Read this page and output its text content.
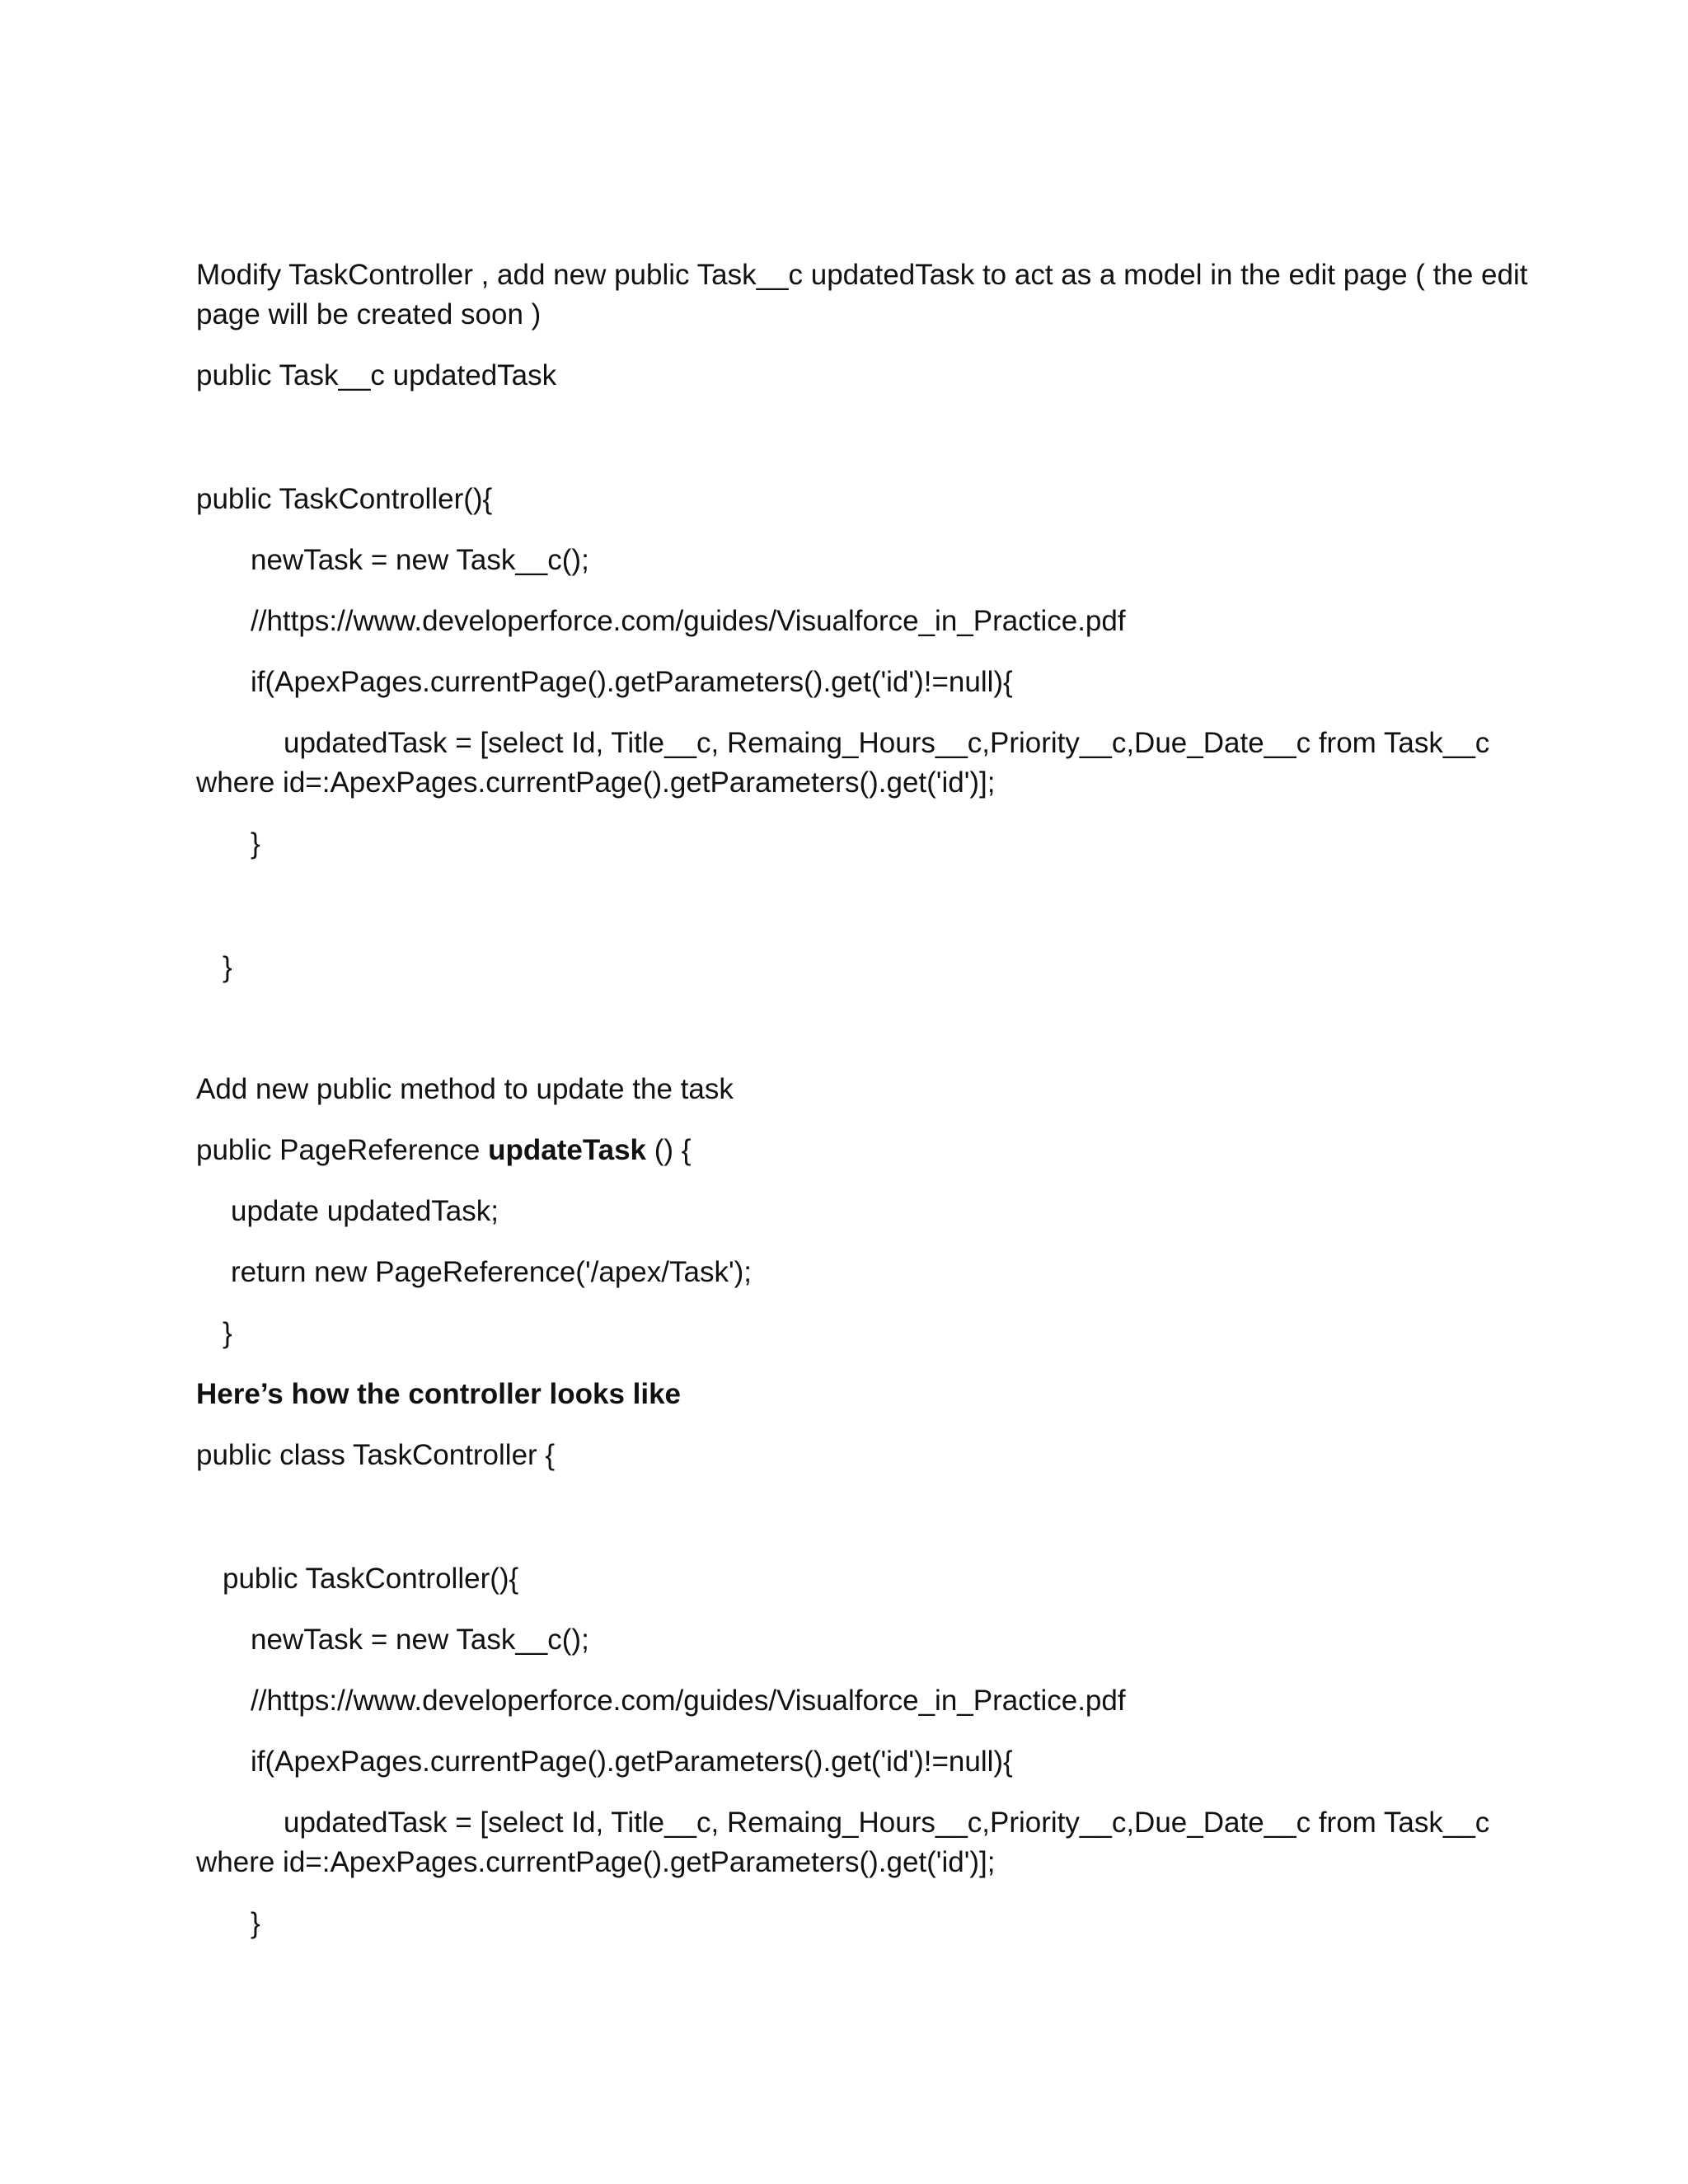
Modify TaskController , add new public Task__c updatedTask to act as a model in the edit page ( the edit

page will be created soon )

public Task__c updatedTask

public TaskController(){

newTask = new Task__c();

//https://www.developerforce.com/guides/Visualforce_in_Practice.pdf

if(ApexPages.currentPage().getParameters().get('id')!=null){

updatedTask = [select Id, Title__c, Remaing_Hours__c,Priority__c,Due_Date__c from Task__c

where id=:ApexPages.currentPage().getParameters().get('id')];

}

}

Add new public method to update the task

public PageReference updateTask () {

update updatedTask;

return new PageReference('/apex/Task');

}

Here’s how the controller looks like

public class TaskController {

public TaskController(){

newTask = new Task__c();

//https://www.developerforce.com/guides/Visualforce_in_Practice.pdf

if(ApexPages.currentPage().getParameters().get('id')!=null){

updatedTask = [select Id, Title__c, Remaing_Hours__c,Priority__c,Due_Date__c from Task__c

where id=:ApexPages.currentPage().getParameters().get('id')];

}
